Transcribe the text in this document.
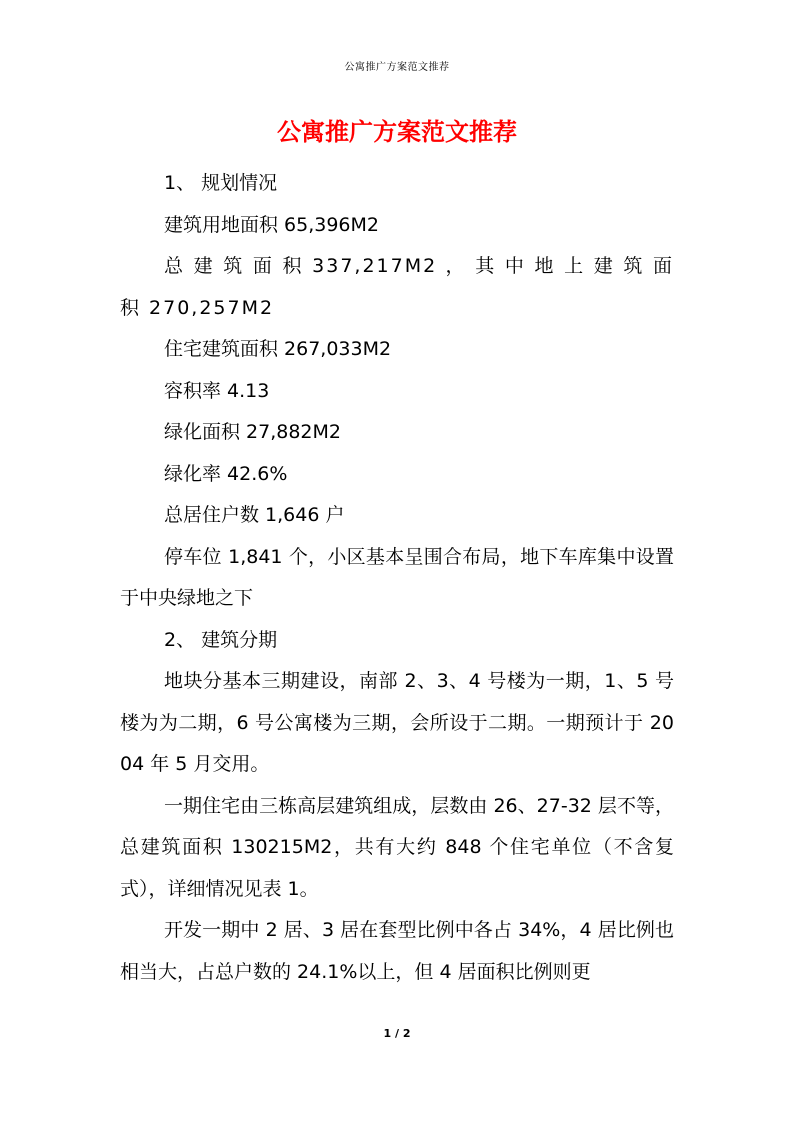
公寓推广方案范文推荐
公寓推广方案范文推荐

1、 规划情况

建筑用地面积 65,396M2

总 建 筑 面 积 337,217M2 ， 其 中 地 上 建 筑 面 积 270,257M2

住宅建筑面积 267,033M2

容积率 4.13

绿化面积 27,882M2

绿化率 42.6%

总居住户数 1,646 户

停车位 1,841 个，小区基本呈围合布局，地下车库集中设置于中央绿地之下

2、 建筑分期

地块分基本三期建设，南部 2、3、4 号楼为一期，1、5 号楼为为二期，6 号公寓楼为三期，会所设于二期。一期预计于 2004 年 5 月交用。

一期住宅由三栋高层建筑组成，层数由 26、27-32 层不等，总建筑面积 130215M2，共有大约 848 个住宅单位（不含复式），详细情况见表 1。

开发一期中 2 居、3 居在套型比例中各占 34%，4 居比例也相当大，占总户数的 24.1%以上，但 4 居面积比例则更

1 / 2
